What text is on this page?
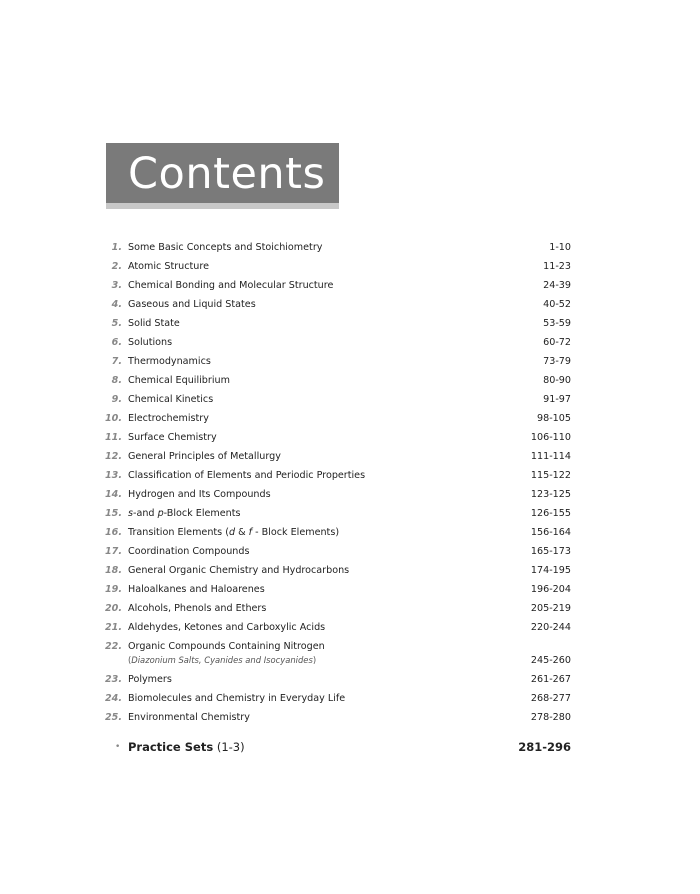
Contents
1. Some Basic Concepts and Stoichiometry	1-10
2. Atomic Structure	11-23
3. Chemical Bonding and Molecular Structure	24-39
4. Gaseous and Liquid States	40-52
5. Solid State	53-59
6. Solutions	60-72
7. Thermodynamics	73-79
8. Chemical Equilibrium	80-90
9. Chemical Kinetics	91-97
10. Electrochemistry	98-105
11. Surface Chemistry	106-110
12. General Principles of Metallurgy	111-114
13. Classification of Elements and Periodic Properties	115-122
14. Hydrogen and Its Compounds	123-125
15. s-and p-Block Elements	126-155
16. Transition Elements (d & f - Block Elements)	156-164
17. Coordination Compounds	165-173
18. General Organic Chemistry and Hydrocarbons	174-195
19. Haloalkanes and Haloarenes	196-204
20. Alcohols, Phenols and Ethers	205-219
21. Aldehydes, Ketones and Carboxylic Acids	220-244
22. Organic Compounds Containing Nitrogen
(Diazonium Salts, Cyanides and Isocyanides)	245-260
23. Polymers	261-267
24. Biomolecules and Chemistry in Everyday Life	268-277
25. Environmental Chemistry	278-280
• Practice Sets (1-3)	281-296
